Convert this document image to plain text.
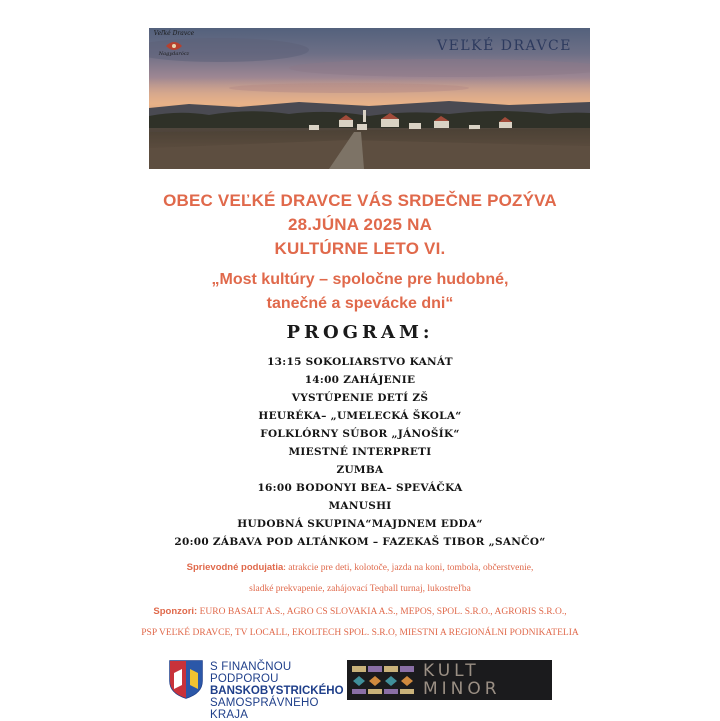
Veľké Dravce
Nagydarócz	VEĽKÉ DRAVCE
OBEC VEĽKÉ DRAVCE VÁS SRDEČNE POZÝVA
28.JÚNA 2025 NA
KULTÚRNE LETO VI.
„Most kultúry – spoločne pre hudobné,
tanečné a spevácke dni“
PROGRAM:
13:15 SOKOLIARSTVO KANÁT
14:00 ZAHÁJENIE
VYSTÚPENIE DETÍ ZŠ
HEURÉKA– „UMELECKÁ ŠKOLA“
FOLKLÓRNY SÚBOR „JÁNOŠÍK“
MIESTNÉ INTERPRETI
ZUMBA
16:00 BODONYI BEA– SPEVÁČKA
MANUSHI
HUDOBNÁ SKUPINA“MAJDNEM EDDA“
20:00 ZÁBAVA POD ALTÁNKOM – FAZEKAŠ TIBOR „SANČO“
Sprievodné podujatia: atrakcie pre deti, kolotoče, jazda na koni, tombola, občerstvenie,
sladké prekvapenie, zahájovací Teqball turnaj, lukostreľba
Sponzori: EURO BASALT A.S., AGRO CS SLOVAKIA A.S., MEPOS, SPOL. S.R.O., AGRORIS S.R.O.,
PSP VEĽKÉ DRAVCE, TV LOCALL, EKOLTECH SPOL. S.R.O, MIESTNI A REGIONÁLNI PODNIKATELIA
S FINANČNOU PODPOROU
BANSKOBYSTRICKÉHO
SAMOSPRÁVNEHO KRAJA
KULT
MINOR
